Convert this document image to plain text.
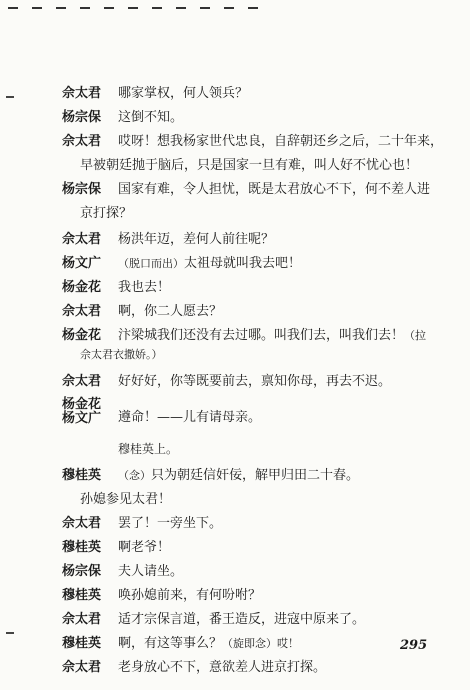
佘太君 哪家掌权，何人领兵？
杨宗保 这倒不知。
佘太君 哎呀！想我杨家世代忠良，自辞朝还乡之后，二十年来，
早被朝廷抛于脑后，只是国家一旦有难，叫人好不忧心也！
杨宗保 国家有难，令人担忧，既是太君放心不下，何不差人进
京打探？
佘太君 杨洪年迈，差何人前往呢？
杨文广 （脱口而出）太祖母就叫我去吧！
杨金花 我也去！
佘太君 啊，你二人愿去？
杨金花 汴梁城我们还没有去过哪。叫我们去，叫我们去！（拉
佘太君衣撒娇。）
佘太君 好好好，你等既要前去，禀知你母，再去不迟。
杨金花
杨文广 遵命！——儿有请母亲。
穆桂英上。
穆桂英 （念）只为朝廷信奸佞，解甲归田二十春。
孙媳参见太君！
佘太君 罢了！一旁坐下。
穆桂英 啊老爷！
杨宗保 夫人请坐。
穆桂英 唤孙媳前来，有何吩咐？
佘太君 适才宗保言道，番王造反，进寇中原来了。
穆桂英 啊，有这等事么？（旋即念）哎！
佘太君 老身放心不下，意欲差人进京打探。
295
